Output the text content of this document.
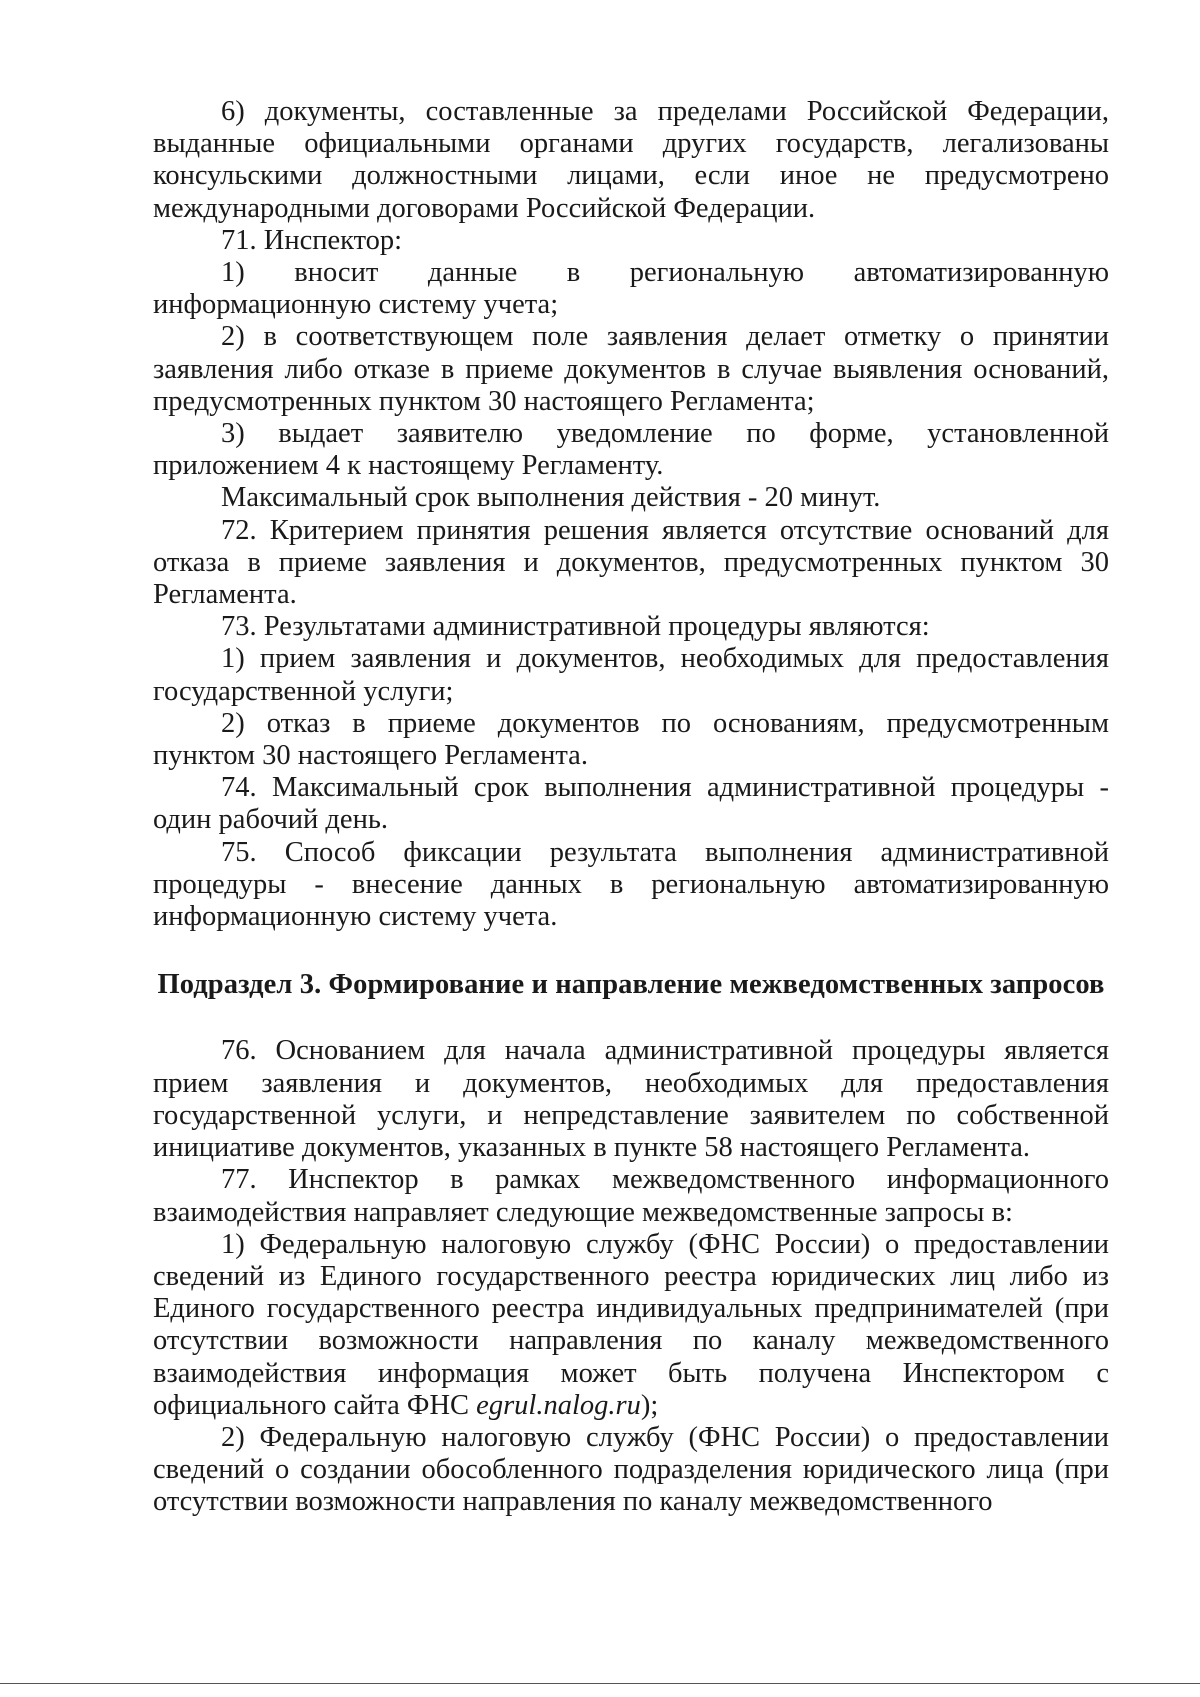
6) документы, составленные за пределами Российской Федерации, выданные официальными органами других государств, легализованы консульскими должностными лицами, если иное не предусмотрено международными договорами Российской Федерации.

71. Инспектор:

1) вносит данные в региональную автоматизированную информационную систему учета;

2) в соответствующем поле заявления делает отметку о принятии заявления либо отказе в приеме документов в случае выявления оснований, предусмотренных пунктом 30 настоящего Регламента;

3) выдает заявителю уведомление по форме, установленной приложением 4 к настоящему Регламенту.

Максимальный срок выполнения действия - 20 минут.

72. Критерием принятия решения является отсутствие оснований для отказа в приеме заявления и документов, предусмотренных пунктом 30 Регламента.

73. Результатами административной процедуры являются:

1) прием заявления и документов, необходимых для предоставления государственной услуги;

2) отказ в приеме документов по основаниям, предусмотренным пунктом 30 настоящего Регламента.

74. Максимальный срок выполнения административной процедуры - один рабочий день.

75. Способ фиксации результата выполнения административной процедуры - внесение данных в региональную автоматизированную информационную систему учета.

Подраздел 3. Формирование и направление межведомственных запросов

76. Основанием для начала административной процедуры является прием заявления и документов, необходимых для предоставления государственной услуги, и непредставление заявителем по собственной инициативе документов, указанных в пункте 58 настоящего Регламента.

77. Инспектор в рамках межведомственного информационного взаимодействия направляет следующие межведомственные запросы в:

1) Федеральную налоговую службу (ФНС России) о предоставлении сведений из Единого государственного реестра юридических лиц либо из Единого государственного реестра индивидуальных предпринимателей (при отсутствии возможности направления по каналу межведомственного взаимодействия информация может быть получена Инспектором с официального сайта ФНС egrul.nalog.ru);

2) Федеральную налоговую службу (ФНС России) о предоставлении сведений о создании обособленного подразделения юридического лица (при отсутствии возможности направления по каналу межведомственного
